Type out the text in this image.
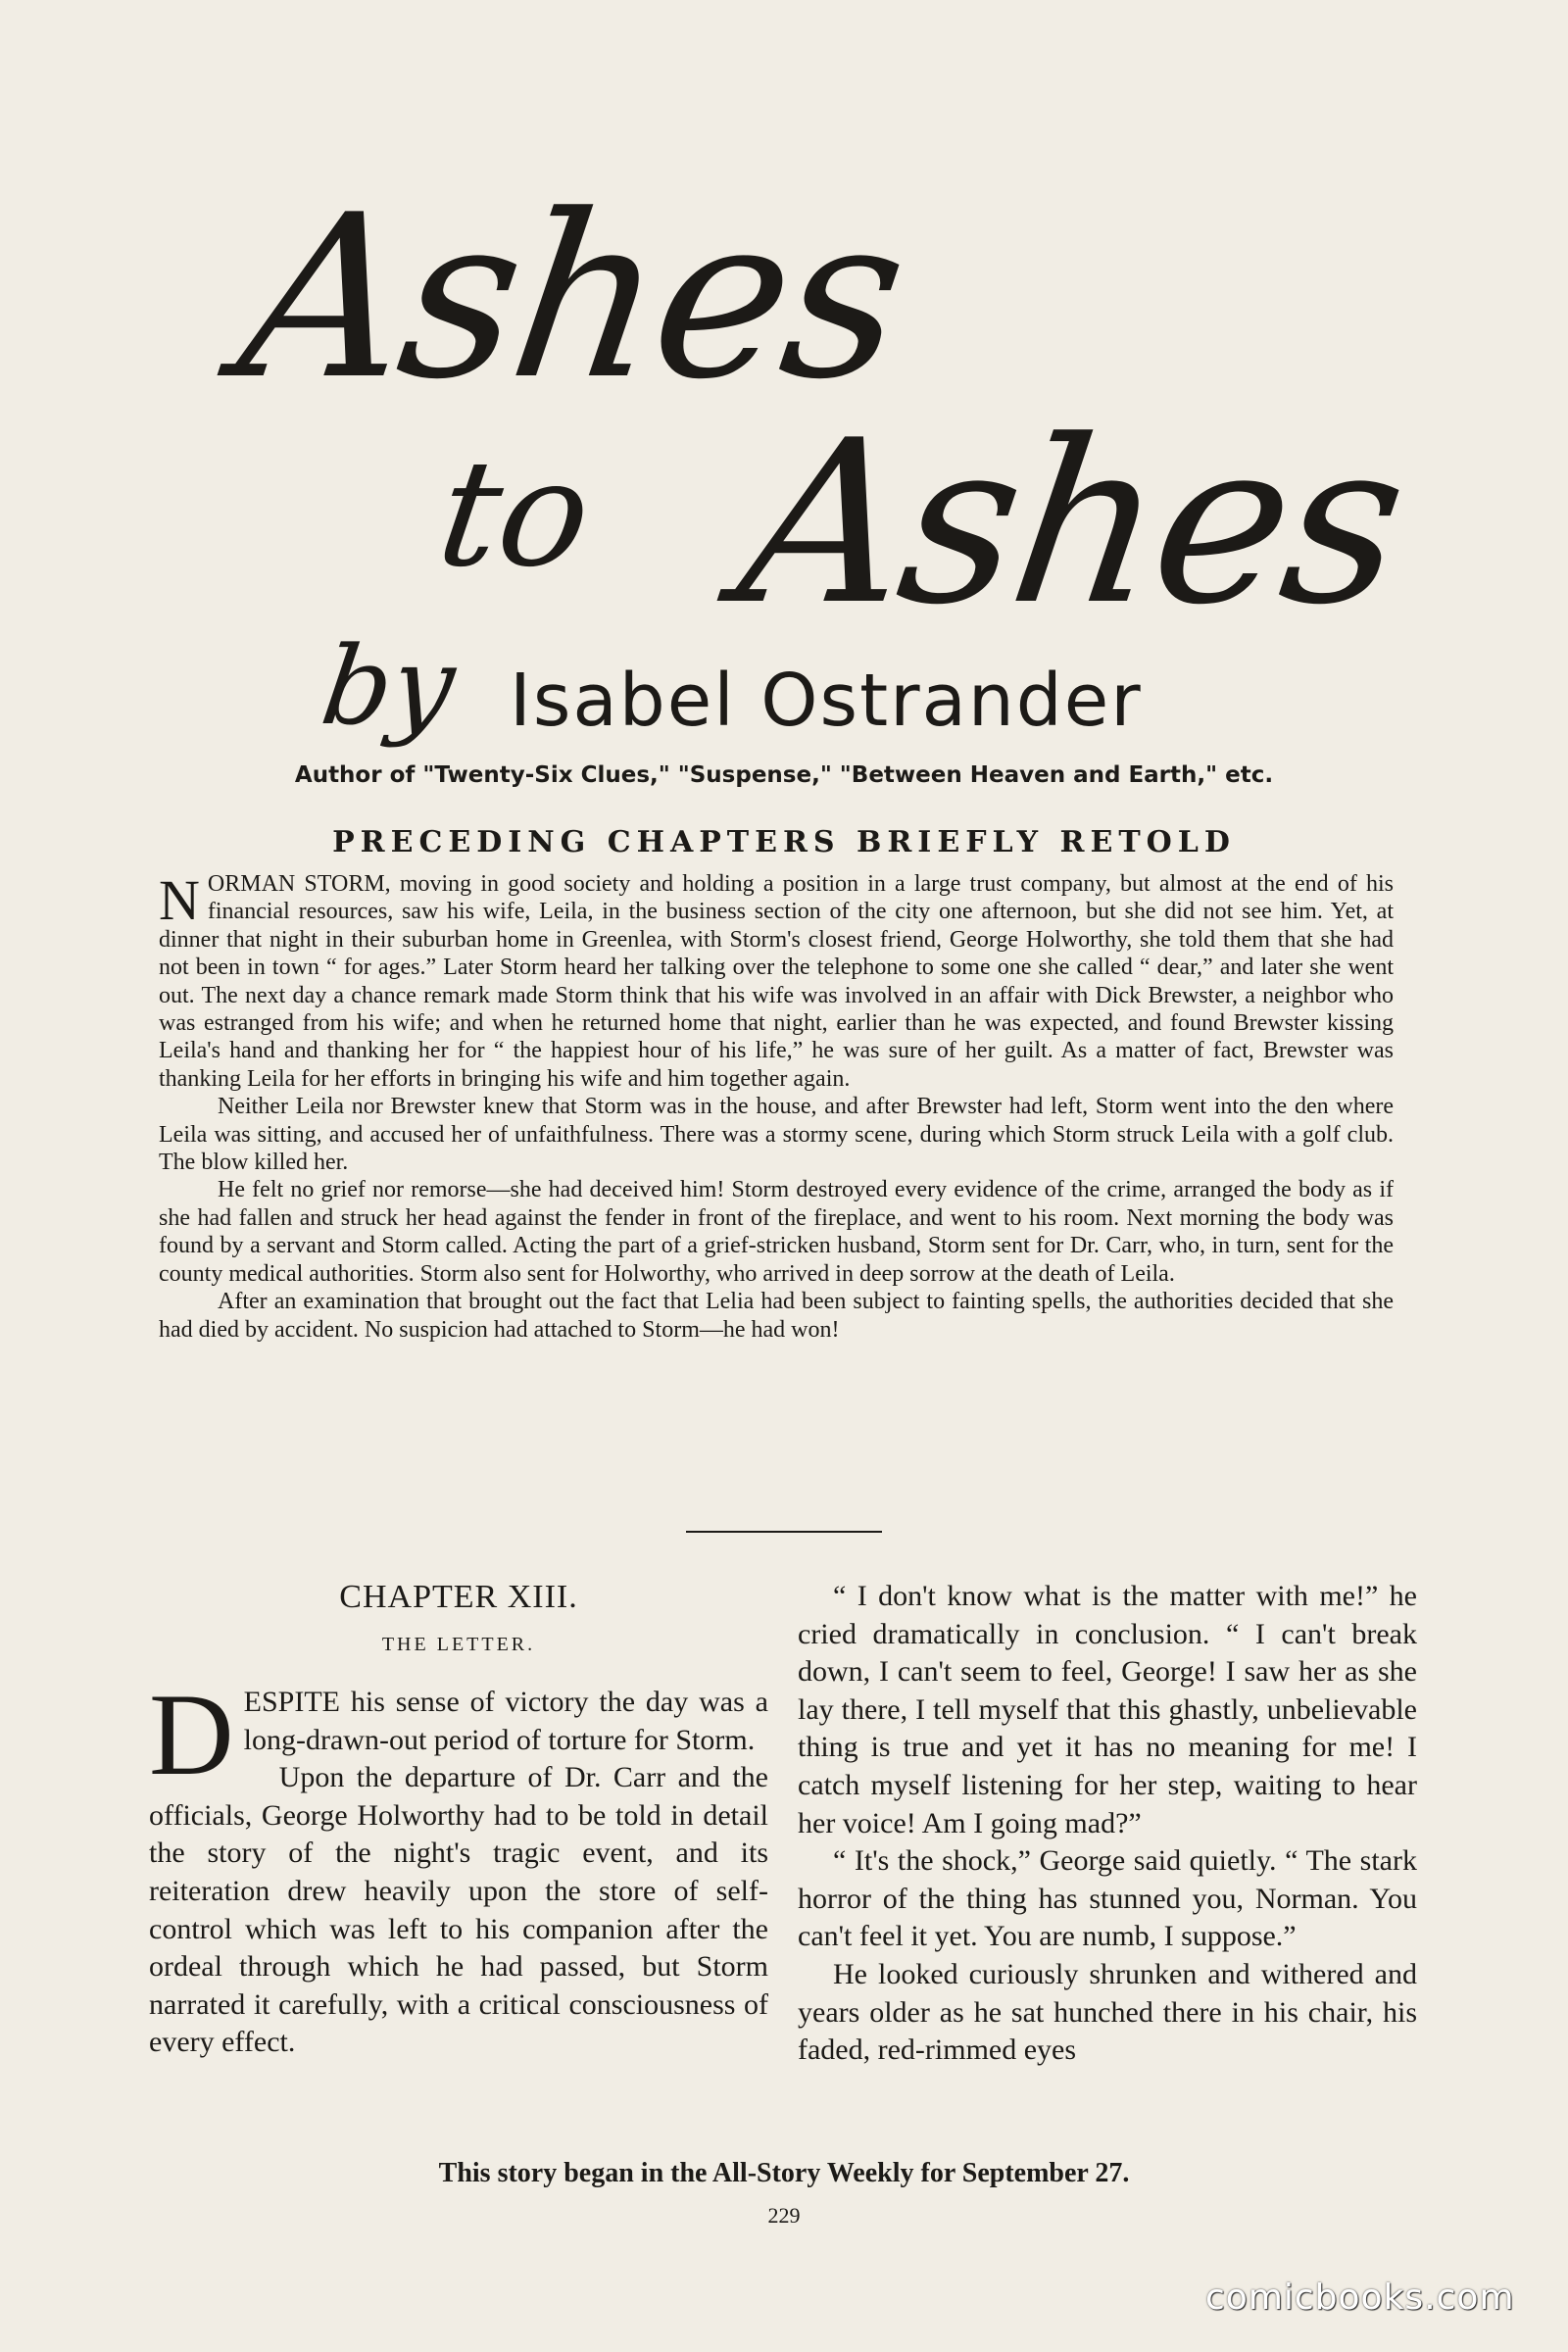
Ashes
to Ashes
by Isabel Ostrander
Author of "Twenty-Six Clues," "Suspense," "Between Heaven and Earth," etc.
PRECEDING CHAPTERS BRIEFLY RETOLD

NORMAN STORM, moving in good society and holding a position in a large trust company, but almost at the end of his financial resources, saw his wife, Leila, in the business section of the city one afternoon, but she did not see him. Yet, at dinner that night in their suburban home in Greenlea, with Storm's closest friend, George Holworthy, she told them that she had not been in town “ for ages.” Later Storm heard her talking over the telephone to some one she called “ dear,” and later she went out. The next day a chance remark made Storm think that his wife was involved in an affair with Dick Brewster, a neighbor who was estranged from his wife; and when he returned home that night, earlier than he was expected, and found Brewster kissing Leila's hand and thanking her for “ the happiest hour of his life,” he was sure of her guilt. As a matter of fact, Brewster was thanking Leila for her efforts in bringing his wife and him together again.

Neither Leila nor Brewster knew that Storm was in the house, and after Brewster had left, Storm went into the den where Leila was sitting, and accused her of unfaithfulness. There was a stormy scene, during which Storm struck Leila with a golf club. The blow killed her.

He felt no grief nor remorse—she had deceived him! Storm destroyed every evidence of the crime, arranged the body as if she had fallen and struck her head against the fender in front of the fireplace, and went to his room. Next morning the body was found by a servant and Storm called. Acting the part of a grief-stricken husband, Storm sent for Dr. Carr, who, in turn, sent for the county medical authorities. Storm also sent for Holworthy, who arrived in deep sorrow at the death of Leila.

After an examination that brought out the fact that Lelia had been subject to fainting spells, the authorities decided that she had died by accident. No suspicion had attached to Storm—he had won!

CHAPTER XIII.
THE LETTER.

DESPITE his sense of victory the day was a long-drawn-out period of torture for Storm.

Upon the departure of Dr. Carr and the officials, George Holworthy had to be told in detail the story of the night's tragic event, and its reiteration drew heavily upon the store of self-control which was left to his companion after the ordeal through which he had passed, but Storm narrated it carefully, with a critical consciousness of every effect.

“ I don't know what is the matter with me!” he cried dramatically in conclusion. “ I can't break down, I can't seem to feel, George! I saw her as she lay there, I tell myself that this ghastly, unbelievable thing is true and yet it has no meaning for me! I catch myself listening for her step, waiting to hear her voice! Am I going mad?”

“ It's the shock,” George said quietly. “ The stark horror of the thing has stunned you, Norman. You can't feel it yet. You are numb, I suppose.”

He looked curiously shrunken and withered and years older as he sat hunched there in his chair, his faded, red-rimmed eyes

This story began in the All-Story Weekly for September 27.
229
comicbooks.com
